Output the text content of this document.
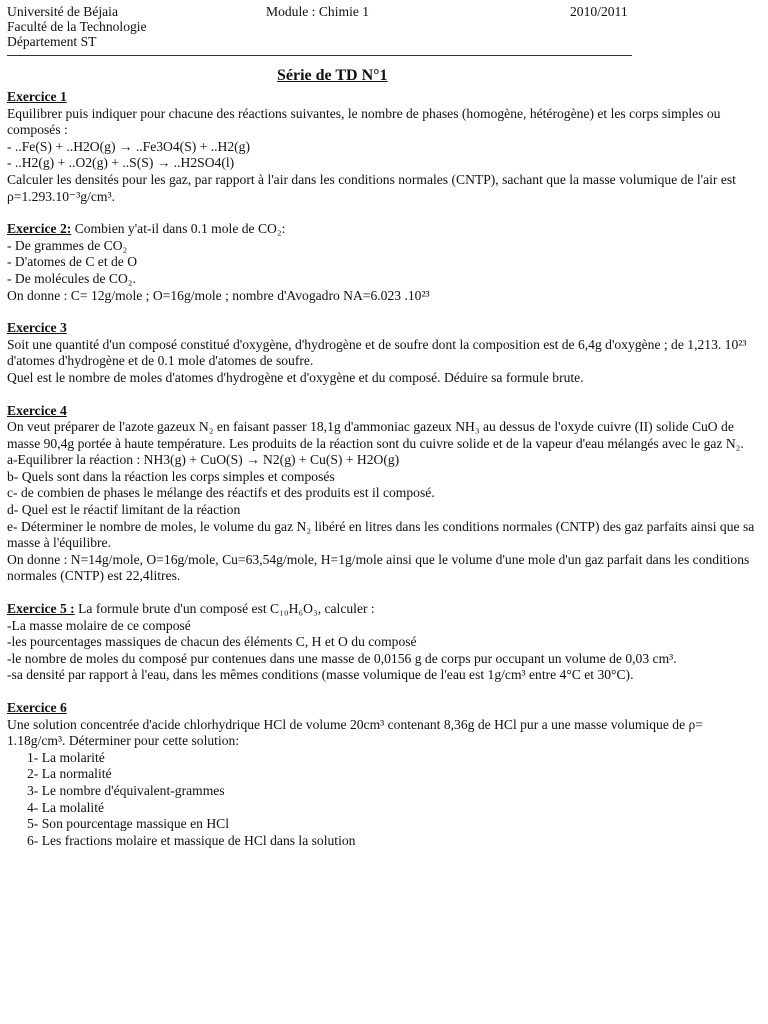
Université de Béjaia
Faculté de la Technologie
Département ST
Module : Chimie 1	2010/2011
Série de TD N°1
Exercice 1

Equilibrer puis indiquer pour chacune des réactions suivantes, le nombre de phases (homogène, hétérogène) et les corps simples ou composés :

- ..Fe(S) + ..H2O(g) → ..Fe3O4(S) + ..H2(g)

- ..H2(g) + ..O2(g) + ..S(S) → ..H2SO4(l)

Calculer les densités pour les gaz, par rapport à l'air dans les conditions normales (CNTP), sachant que la masse volumique de l'air est ρ=1.293.10⁻³g/cm³.

Exercice 2: Combien y'at-il dans 0.1 mole de CO₂:

- De grammes de CO₂
- D'atomes de C et de O
- De molécules de CO₂.

On donne : C= 12g/mole ; O=16g/mole ; nombre d'Avogadro NA=6.023 .10²³

Exercice 3

Soit une quantité d'un composé constitué d'oxygène, d'hydrogène et de soufre dont la composition est de 6,4g d'oxygène ; de 1,213. 10²³ d'atomes d'hydrogène et de 0.1 mole d'atomes de soufre.

Quel est le nombre de moles d'atomes d'hydrogène et d'oxygène et du composé. Déduire sa formule brute.

Exercice 4

On veut préparer de l'azote gazeux N₂ en faisant passer 18,1g d'ammoniac gazeux NH₃ au dessus de l'oxyde cuivre (II) solide CuO de masse 90,4g portée à haute température. Les produits de la réaction sont du cuivre solide et de la vapeur d'eau mélangés avec le gaz N₂.

a-Equilibrer la réaction : NH3(g) + CuO(S) → N2(g) + Cu(S) + H2O(g)

b- Quels sont dans la réaction les corps simples et composés

c- de combien de phases le mélange des réactifs et des produits est il composé.

d- Quel est le réactif limitant de la réaction

e- Déterminer le nombre de moles, le volume du gaz N₂ libéré en litres dans les conditions normales (CNTP) des gaz parfaits ainsi que sa masse à l'équilibre.

On donne : N=14g/mole, O=16g/mole, Cu=63,54g/mole, H=1g/mole ainsi que le volume d'une mole d'un gaz parfait dans les conditions normales (CNTP) est 22,4litres.

Exercice 5 : La formule brute d'un composé est C₁₀H₆O₃, calculer :

-La masse molaire de ce composé

-les pourcentages massiques de chacun des éléments C, H et O du composé

-le nombre de moles du composé pur contenues dans une masse de 0,0156 g de corps pur occupant un volume de 0,03 cm³.

-sa densité par rapport à l'eau, dans les mêmes conditions (masse volumique de l'eau est 1g/cm³ entre 4°C et 30°C).

Exercice 6

Une solution concentrée d'acide chlorhydrique HCl de volume 20cm³ contenant 8,36g de HCl pur a une masse volumique de ρ= 1.18g/cm³. Déterminer pour cette solution:

1- La molarité
2- La normalité
3- Le nombre d'équivalent-grammes
4- La molalité
5- Son pourcentage massique en HCl
6- Les fractions molaire et massique de HCl dans la solution
